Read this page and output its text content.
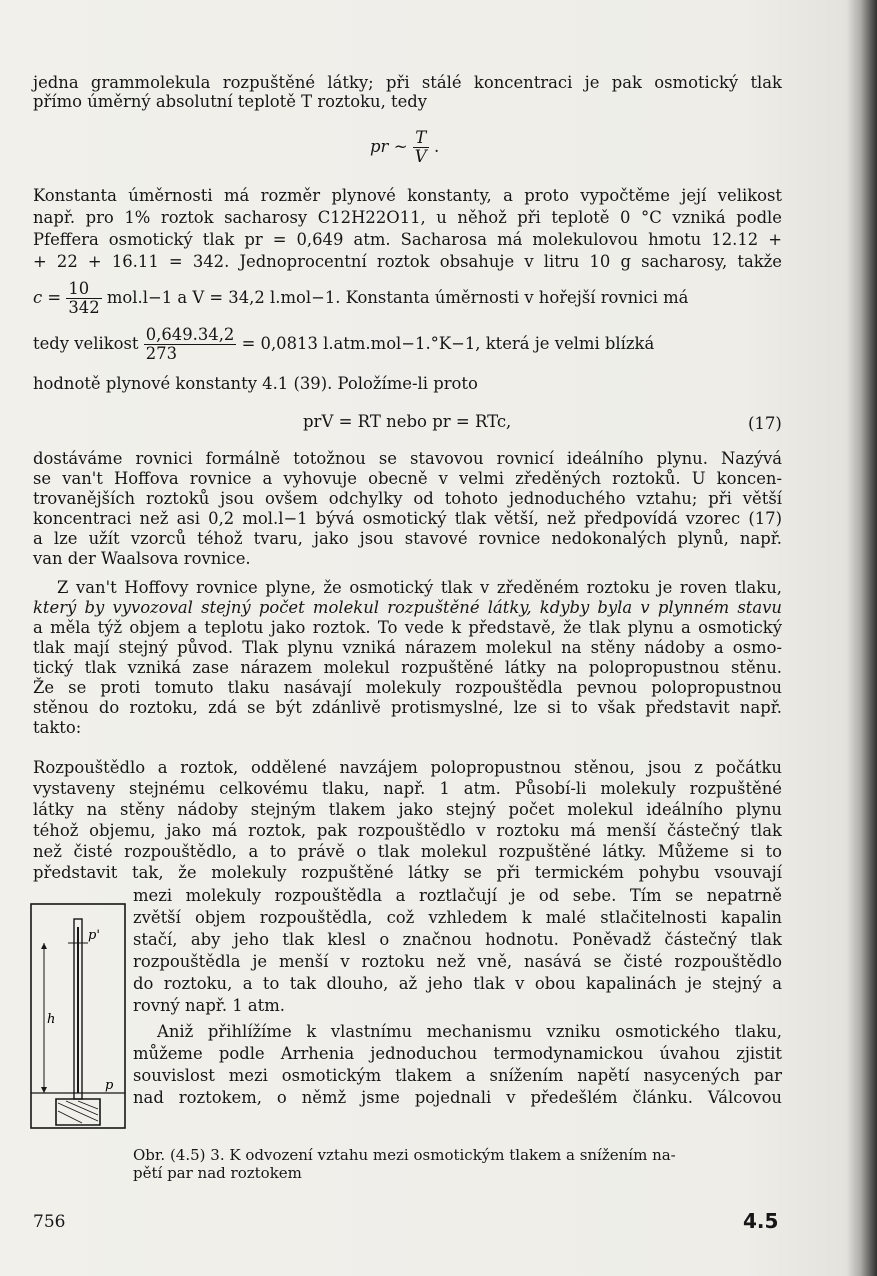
jedna grammolekula rozpuštěné látky; při stálé koncentraci je pak osmotický tlak
přímo úměrný absolutní teplotě T roztoku, tedy
pr ~ $\frac{T}{V}$ .
Konstanta úměrnosti má rozměr plynové konstanty, a proto vypočtěme její velikost
např. pro 1% roztok sacharosy C12H22O11, u něhož při teplotě 0 °C vzniká podle
Pfeffera osmotický tlak pr = 0,649 atm. Sacharosa má molekulovou hmotu 12.12 +
+ 22 + 16.11 = 342. Jednoprocentní roztok obsahuje v litru 10 g sacharosy, takže
$c = \frac{10}{342} mol.l-1$ a V = 34,2 l.mol−1. Konstanta úměrnosti v hořejší rovnici má
tedy velikost $\frac{0,649.34,2}{273} = 0,0813$ l.atm.mol−1.°K−1, která je velmi blízká
hodnotě plynové konstanty 4.1 (39). Položíme-li proto
prV = RT nebo pr = RTc,	(17)
dostáváme rovnici formálně totožnou se stavovou rovnicí ideálního plynu. Nazývá
se van't Hoffova rovnice a vyhovuje obecně v velmi zředěných roztoků. U koncen-
trovanějších roztoků jsou ovšem odchylky od tohoto jednoduchého vztahu; při větší
koncentraci než asi 0,2 mol.l−1 bývá osmotický tlak větší, než předpovídá vzorec (17)
a lze užít vzorců téhož tvaru, jako jsou stavové rovnice nedokonalých plynů, např.
van der Waalsova rovnice.
Z van't Hoffovy rovnice plyne, že osmotický tlak v zředěném roztoku je roven tlaku,
který by vyvozoval stejný počet molekul rozpuštěné látky, kdyby byla v plynném stavu
a měla týž objem a teplotu jako roztok. To vede k představě, že tlak plynu a osmotický
tlak mají stejný původ. Tlak plynu vzniká nárazem molekul na stěny nádoby a osmo-
tický tlak vzniká zase nárazem molekul rozpuštěné látky na polopropustnou stěnu.
Že se proti tomuto tlaku nasávají molekuly rozpouštědla pevnou polopropustnou
stěnou do roztoku, zdá se být zdánlivě protismyslné, lze si to však představit např.
takto:
Rozpouštědlo a roztok, oddělené navzájem polopropustnou stěnou, jsou z počátku
vystaveny stejnému celkovému tlaku, např. 1 atm. Působí-li molekuly rozpuštěné
látky na stěny nádoby stejným tlakem jako stejný počet molekul ideálního plynu
téhož objemu, jako má roztok, pak rozpouštědlo v roztoku má menší částečný tlak
než čisté rozpouštědlo, a to právě o tlak molekul rozpuštěné látky. Můžeme si to
představit tak, že molekuly rozpuštěné látky se při termickém pohybu vsouvají
mezi molekuly rozpouštědla a roztlačují je od sebe. Tím se nepatrně
zvětší objem rozpouštědla, což vzhledem k malé stlačitelnosti kapalin
stačí, aby jeho tlak klesl o značnou hodnotu. Poněvadž částečný tlak
rozpouštědla je menší v roztoku než vně, nasává se čisté rozpouštědlo
do roztoku, a to tak dlouho, až jeho tlak v obou kapalinách je stejný a
rovný např. 1 atm.
Aniž přihlížíme k vlastnímu mechanismu vzniku osmotického tlaku,
můžeme podle Arrhenia jednoduchou termodynamickou úvahou zjistit
souvislost mezi osmotickým tlakem a snížením napětí nasycených par
nad roztokem, o němž jsme pojednali v předešlém článku. Válcovou
p'
h
p
Obr. (4.5) 3. K odvození vztahu mezi osmotickým tlakem a snížením na-
pětí par nad roztokem
756	4.5
